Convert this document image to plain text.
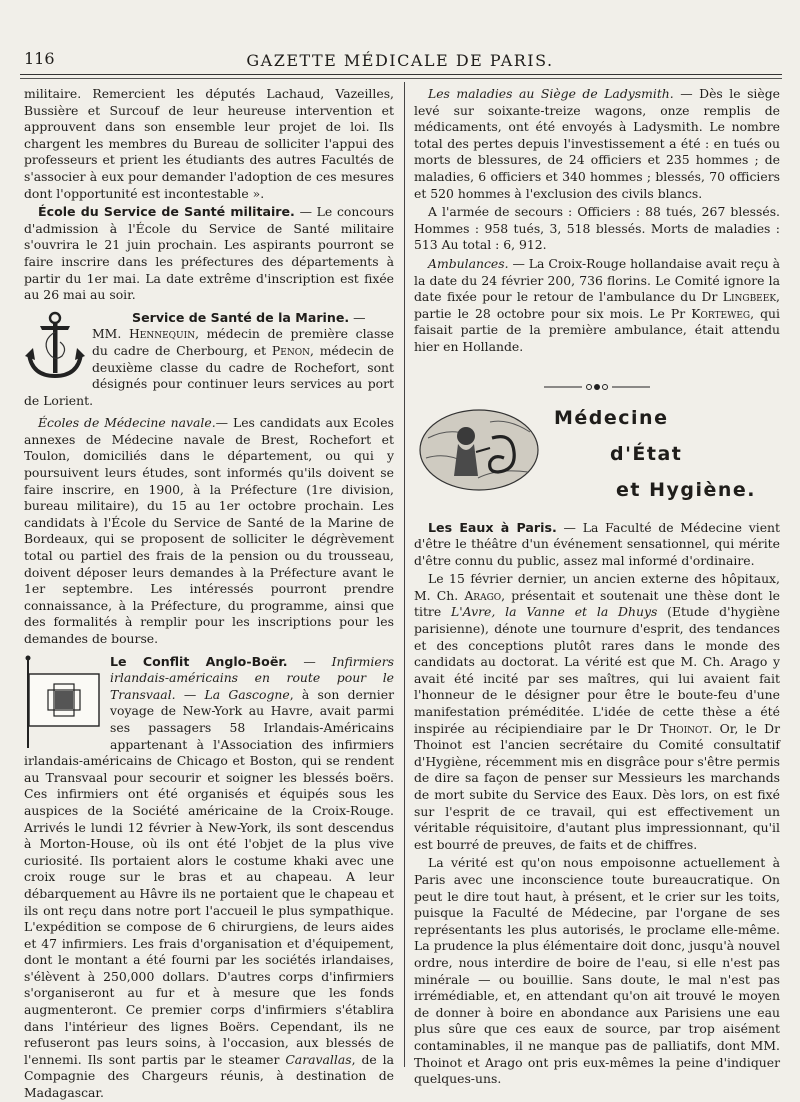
116	GAZETTE MÉDICALE DE PARIS.

militaire. Remercient les députés Lachaud, Vazeilles, Bussière et Surcouf de leur heureuse intervention et approuvent dans son ensemble leur projet de loi. Ils chargent les membres du Bureau de solliciter l'appui des professeurs et prient les étudiants des autres Facultés de s'associer à eux pour demander l'adoption de ces mesures dont l'opportunité est incontestable ».

École du Service de Santé militaire. — Le concours d'admission à l'École du Service de Santé militaire s'ouvrira le 21 juin prochain. Les aspirants pourront se faire inscrire dans les préfectures des départements à partir du 1er mai. La date extrême d'inscription est fixée au 26 mai au soir.

Service de Santé de la Marine. —
MM. Hennequin, médecin de première classe du cadre de Cherbourg, et Penon, médecin de deuxième classe du cadre de Rochefort, sont désignés pour continuer leurs services au port de Lorient.

Écoles de Médecine navale.— Les candidats aux Ecoles annexes de Médecine navale de Brest, Rochefort et Toulon, domiciliés dans le département, ou qui y poursuivent leurs études, sont informés qu'ils doivent se faire inscrire, en 1900, à la Préfecture (1re division, bureau militaire), du 15 au 1er octobre prochain. Les candidats à l'École du Service de Santé de la Marine de Bordeaux, qui se proposent de solliciter le dégrèvement total ou partiel des frais de la pension ou du trousseau, doivent déposer leurs demandes à la Préfecture avant le 1er septembre. Les intéressés pourront prendre connaissance, à la Préfecture, du programme, ainsi que des formalités à remplir pour les inscriptions pour les demandes de bourse.

Le Conflit Anglo-Boër. — Infirmiers irlandais-américains en route pour le Transvaal. — La Gascogne, à son dernier voyage de New-York au Havre, avait parmi ses passagers 58 Irlandais-Américains appartenant à l'Association des infirmiers irlandais-américains de Chicago et Boston, qui se rendent au Transvaal pour secourir et soigner les blessés boërs. Ces infirmiers ont été organisés et équipés sous les auspices de la Société américaine de la Croix-Rouge. Arrivés le lundi 12 février à New-York, ils sont descendus à Morton-House, où ils ont été l'objet de la plus vive curiosité. Ils portaient alors le costume khaki avec une croix rouge sur le bras et au chapeau. A leur débarquement au Hâvre ils ne portaient que le chapeau et ils ont reçu dans notre port l'accueil le plus sympathique. L'expédition se compose de 6 chirurgiens, de leurs aides et 47 infirmiers. Les frais d'organisation et d'équipement, dont le montant a été fourni par les sociétés irlandaises, s'élèvent à 250,000 dollars. D'autres corps d'infirmiers s'organiseront au fur et à mesure que les fonds augmenteront. Ce premier corps d'infirmiers s'établira dans l'intérieur des lignes Boërs. Cependant, ils ne refuseront pas leurs soins, à l'occasion, aux blessés de l'ennemi. Ils sont partis par le steamer Caravallas, de la Compagnie des Chargeurs réunis, à destination de Madagascar.

Les maladies au Siège de Ladysmith. — Dès le siège levé sur soixante-treize wagons, onze remplis de médicaments, ont été envoyés à Ladysmith. Le nombre total des pertes depuis l'investissement a été : en tués ou morts de blessures, de 24 officiers et 235 hommes ; de maladies, 6 officiers et 340 hommes ; blessés, 70 officiers et 520 hommes à l'exclusion des civils blancs.

A l'armée de secours : Officiers : 88 tués, 267 blessés. Hommes : 958 tués, 3, 518 blessés. Morts de maladies : 513 Au total : 6, 912.

Ambulances. — La Croix-Rouge hollandaise avait reçu à la date du 24 février 200, 736 florins. Le Comité ignore la date fixée pour le retour de l'ambulance du Dr Lingbeek, partie le 28 octobre pour six mois. Le Pr Korteweg, qui faisait partie de la première ambulance, était attendu hier en Hollande.

Médecine
d'État
et Hygiène.

Les Eaux à Paris. — La Faculté de Médecine vient d'être le théâtre d'un événement sensationnel, qui mérite d'être connu du public, assez mal informé d'ordinaire.

Le 15 février dernier, un ancien externe des hôpitaux, M. Ch. Arago, présentait et soutenait une thèse dont le titre L'Avre, la Vanne et la Dhuys (Etude d'hygiène parisienne), dénote une tournure d'esprit, des tendances et des conceptions plutôt rares dans le monde des candidats au doctorat. La vérité est que M. Ch. Arago y avait été incité par ses maîtres, qui lui avaient fait l'honneur de le désigner pour être le boute-feu d'une manifestation préméditée. L'idée de cette thèse a été inspirée au récipiendiaire par le Dr Thoinot. Or, le Dr Thoinot est l'ancien secrétaire du Comité consultatif d'Hygiène, récemment mis en disgrâce pour s'être permis de dire sa façon de penser sur Messieurs les marchands de mort subite du Service des Eaux. Dès lors, on est fixé sur l'esprit de ce travail, qui est effectivement un véritable réquisitoire, d'autant plus impressionnant, qu'il est bourré de preuves, de faits et de chiffres.

La vérité est qu'on nous empoisonne actuellement à Paris avec une inconscience toute bureaucratique. On peut le dire tout haut, à présent, et le crier sur les toits, puisque la Faculté de Médecine, par l'organe de ses représentants les plus autorisés, le proclame elle-même. La prudence la plus élémentaire doit donc, jusqu'à nouvel ordre, nous interdire de boire de l'eau, si elle n'est pas minérale — ou bouillie. Sans doute, le mal n'est pas irrémédiable, et, en attendant qu'on ait trouvé le moyen de donner à boire en abondance aux Parisiens une eau plus sûre que ces eaux de source, par trop aisément contaminables, il ne manque pas de palliatifs, dont MM. Thoinot et Arago ont pris eux-mêmes la peine d'indiquer quelques-uns.
